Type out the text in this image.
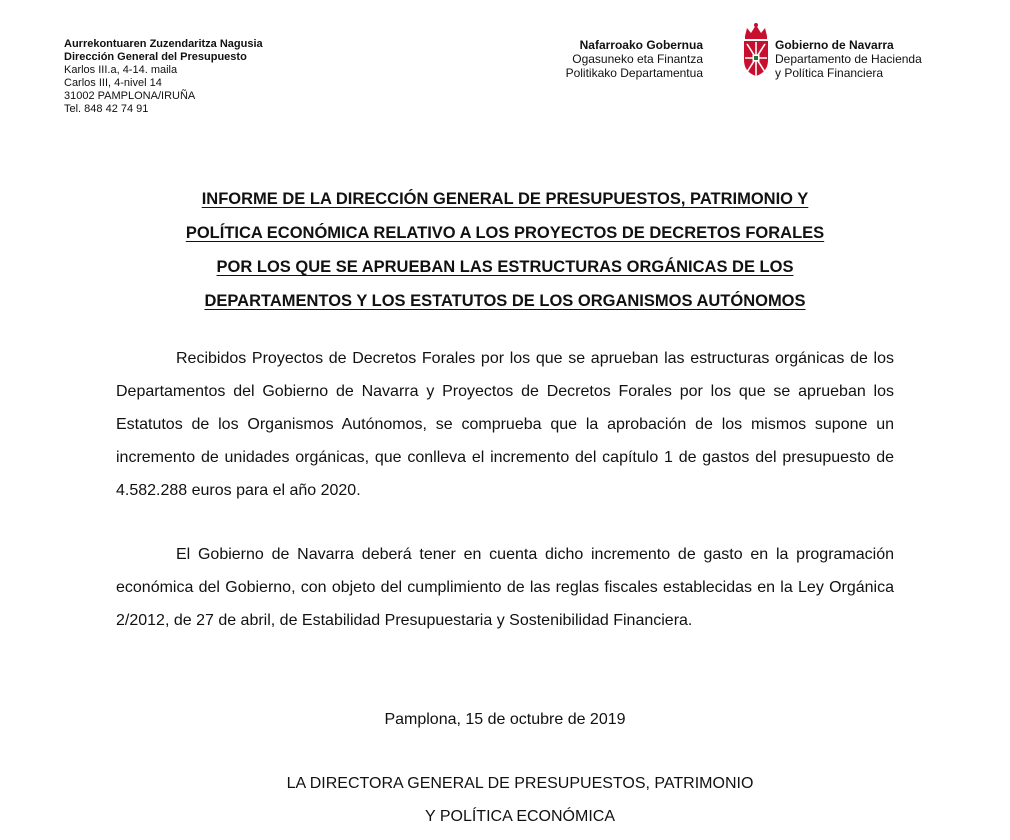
Aurrekontuaren Zuzendaritza Nagusia
Dirección General del Presupuesto
Karlos III.a, 4-14. maila
Carlos III, 4-nivel 14
31002 PAMPLONA/IRUÑA
Tel. 848 42 74 91
Nafarroako Gobernua
Ogasuneko eta Finantza
Politikako Departamentua
Gobierno de Navarra
Departamento de Hacienda
y Política Financiera
INFORME DE LA DIRECCIÓN GENERAL DE PRESUPUESTOS, PATRIMONIO Y
POLÍTICA ECONÓMICA RELATIVO A LOS PROYECTOS DE DECRETOS FORALES
POR LOS QUE SE APRUEBAN LAS ESTRUCTURAS ORGÁNICAS DE LOS
DEPARTAMENTOS Y LOS ESTATUTOS DE LOS ORGANISMOS AUTÓNOMOS
Recibidos Proyectos de Decretos Forales por los que se aprueban las estructuras orgánicas de los Departamentos del Gobierno de Navarra y Proyectos de Decretos Forales por los que se aprueban los Estatutos de los Organismos Autónomos, se comprueba que la aprobación de los mismos supone un incremento de unidades orgánicas, que conlleva el incremento del capítulo 1 de gastos del presupuesto de 4.582.288 euros para el año 2020.
El Gobierno de Navarra deberá tener en cuenta dicho incremento de gasto en la programación económica del Gobierno, con objeto del cumplimiento de las reglas fiscales establecidas en la Ley Orgánica 2/2012, de 27 de abril, de Estabilidad Presupuestaria y Sostenibilidad Financiera.
Pamplona, 15 de octubre de 2019
LA DIRECTORA GENERAL DE PRESUPUESTOS, PATRIMONIO
Y POLÍTICA ECONÓMICA
